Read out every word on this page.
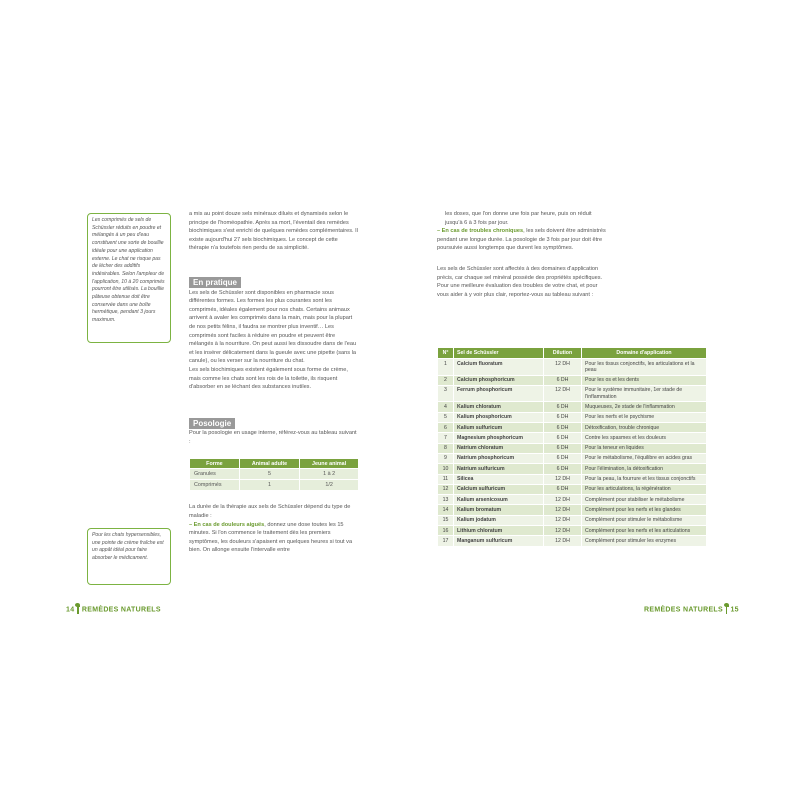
Les comprimés de sels de Schüssler réduits en poudre et mélangés à un peu d'eau constituent une sorte de bouillie idéale pour une application externe. Le chat ne risque pas de lécher des additifs indésirables. Selon l'ampleur de l'application, 10 à 20 comprimés pourront être utilisés. La bouillie pâteuse obtenue doit être conservée dans une boîte hermétique, pendant 3 jours maximum.
Pour les chats hypersensibles, une pointe de crème fraîche est un appât idéal pour faire absorber le médicament.

a mis au point douze sels minéraux dilués et dynamisés selon le principe de l'homéopathie. Après sa mort, l'éventail des remèdes biochimiques s'est enrichi de quelques remèdes complémentaires. Il existe aujourd'hui 27 sels biochimiques. Le concept de cette thérapie n'a toutefois rien perdu de sa simplicité.

En pratique

Les sels de Schüssler sont disponibles en pharmacie sous différentes formes. Les formes les plus courantes sont les comprimés, idéales également pour nos chats. Certains animaux arrivent à avaler les comprimés dans la main, mais pour la plupart de nos petits félins, il faudra se montrer plus inventif… Les comprimés sont faciles à réduire en poudre et peuvent être mélangés à la nourriture. On peut aussi les dissoudre dans de l'eau et les insérer délicatement dans la gueule avec une pipette (sans la canule), ou les verser sur la nourriture du chat.

Les sels biochimiques existent également sous forme de crème, mais comme les chats sont les rois de la toilette, ils risquent d'absorber en se léchant des substances inutiles.

Posologie

Pour la posologie en usage interne, référez-vous au tableau suivant :

Forme	Animal adulte	Jeune animal
Granules	5	1 à 2
Comprimés	1	1/2

La durée de la thérapie aux sels de Schüssler dépend du type de maladie :

– En cas de douleurs aiguës, donnez une dose toutes les 15 minutes. Si l'on commence le traitement dès les premiers symptômes, les douleurs s'apaisent en quelques heures si tout va bien. On allonge ensuite l'intervalle entre

14 REMÈDES NATURELS

les doses, que l'on donne une fois par heure, puis on réduit jusqu'à 6 à 3 fois par jour.

– En cas de troubles chroniques, les sels doivent être administrés pendant une longue durée. La posologie de 3 fois par jour doit être poursuivie aussi longtemps que durent les symptômes.

Les sels de Schüssler sont affectés à des domaines d'application précis, car chaque sel minéral possède des propriétés spécifiques. Pour une meilleure évaluation des troubles de votre chat, et pour vous aider à y voir plus clair, reportez-vous au tableau suivant :

N°	Sel de Schüssler	Dilution	Domaine d'application
1	Calcium fluoratum	12 DH	Pour les tissus conjonctifs, les articulations et la peau
2	Calcium phosphoricum	6 DH	Pour les os et les dents
3	Ferrum phosphoricum	12 DH	Pour le système immunitaire, 1er stade de l'inflammation
4	Kalium chloratum	6 DH	Muqueuses, 2e stade de l'inflammation
5	Kalium phosphoricum	6 DH	Pour les nerfs et le psychisme
6	Kalium sulfuricum	6 DH	Détoxification, trouble chronique
7	Magnesium phosphoricum	6 DH	Contre les spasmes et les douleurs
8	Natrium chloratum	6 DH	Pour la teneur en liquides
9	Natrium phosphoricum	6 DH	Pour le métabolisme, l'équilibre en acides gras
10	Natrium sulfuricum	6 DH	Pour l'élimination, la détoxification
11	Silicea	12 DH	Pour la peau, la fourrure et les tissus conjonctifs
12	Calcium sulfuricum	6 DH	Pour les articulations, la régénération
13	Kalium arsenicosum	12 DH	Complément pour stabiliser le métabolisme
14	Kalium bromatum	12 DH	Complément pour les nerfs et les glandes
15	Kalium jodatum	12 DH	Complément pour stimuler le métabolisme
16	Lithium chloratum	12 DH	Complément pour les nerfs et les articulations
17	Manganum sulfuricum	12 DH	Complément pour stimuler les enzymes
REMÈDES NATURELS 15
